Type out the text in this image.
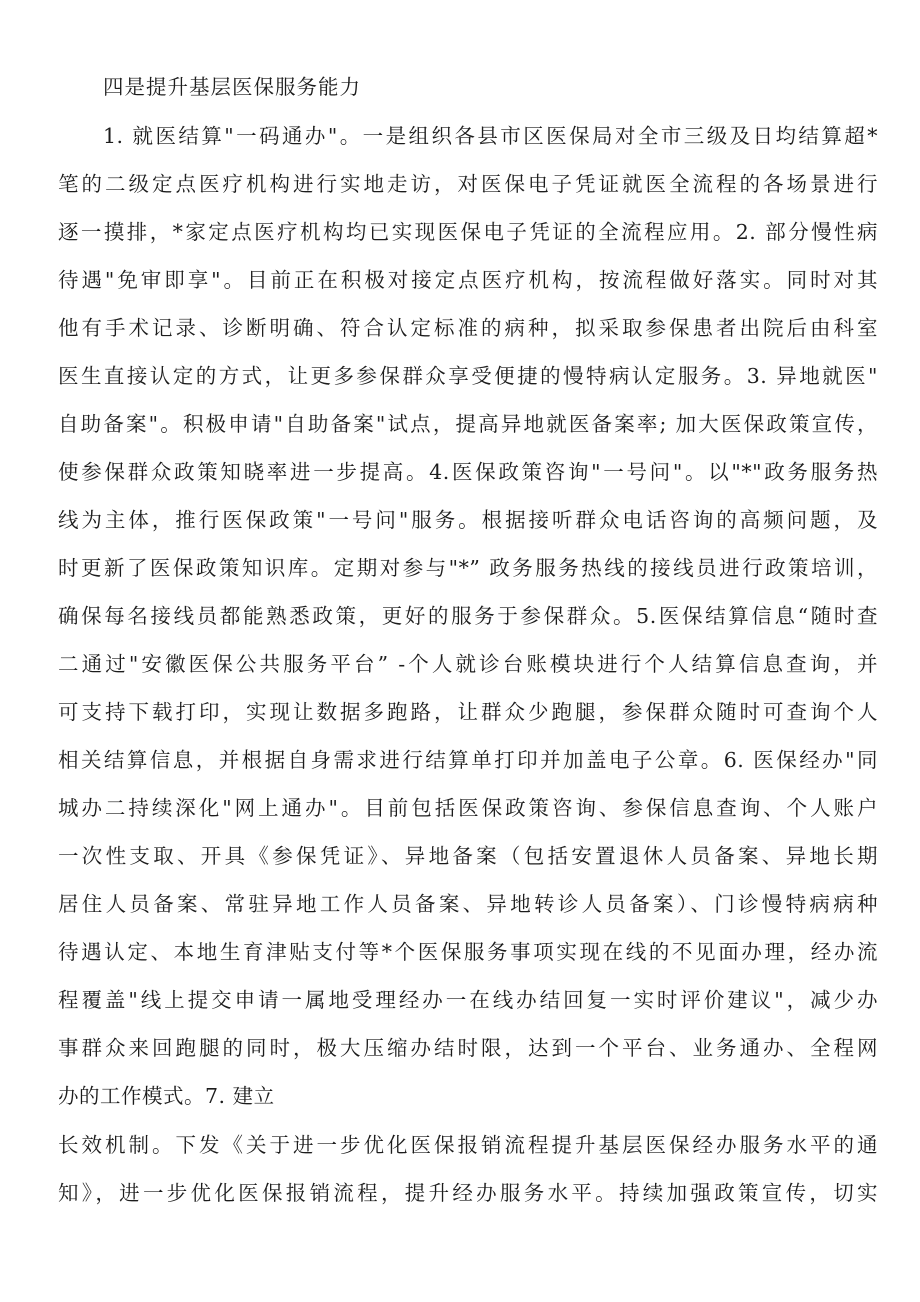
四是提升基层医保服务能力
1. 就医结算"一码通办"。一是组织各县市区医保局对全市三级及日均结算超*
笔的二级定点医疗机构进行实地走访，对医保电子凭证就医全流程的各场景进行
逐一摸排，*家定点医疗机构均已实现医保电子凭证的全流程应用。2. 部分慢性病
待遇"免审即享"。目前正在积极对接定点医疗机构，按流程做好落实。同时对其
他有手术记录、诊断明确、符合认定标准的病种，拟采取参保患者出院后由科室
医生直接认定的方式，让更多参保群众享受便捷的慢特病认定服务。3. 异地就医"
自助备案"。积极申请"自助备案"试点，提高异地就医备案率; 加大医保政策宣传，
使参保群众政策知晓率进一步提高。4.医保政策咨询"一号问"。以"*"政务服务热
线为主体，推行医保政策"一号问"服务。根据接听群众电话咨询的高频问题，及
时更新了医保政策知识库。定期对参与"*” 政务服务热线的接线员进行政策培训，
确保每名接线员都能熟悉政策，更好的服务于参保群众。5.医保结算信息“随时查
二通过"安徽医保公共服务平台” -个人就诊台账模块进行个人结算信息查询，并
可支持下载打印，实现让数据多跑路，让群众少跑腿，参保群众随时可查询个人
相关结算信息，并根据自身需求进行结算单打印并加盖电子公章。6. 医保经办"同
城办二持续深化"网上通办"。目前包括医保政策咨询、参保信息查询、个人账户
一次性支取、开具《参保凭证》、异地备案（包括安置退休人员备案、异地长期
居住人员备案、常驻异地工作人员备案、异地转诊人员备案）、门诊慢特病病种
待遇认定、本地生育津贴支付等*个医保服务事项实现在线的不见面办理，经办流
程覆盖"线上提交申请一属地受理经办一在线办结回复一实时评价建议"，减少办
事群众来回跑腿的同时，极大压缩办结时限，达到一个平台、业务通办、全程网
办的工作模式。7. 建立
长效机制。下发《关于进一步优化医保报销流程提升基层医保经办服务水平的通
知》，进一步优化医保报销流程，提升经办服务水平。持续加强政策宣传，切实
